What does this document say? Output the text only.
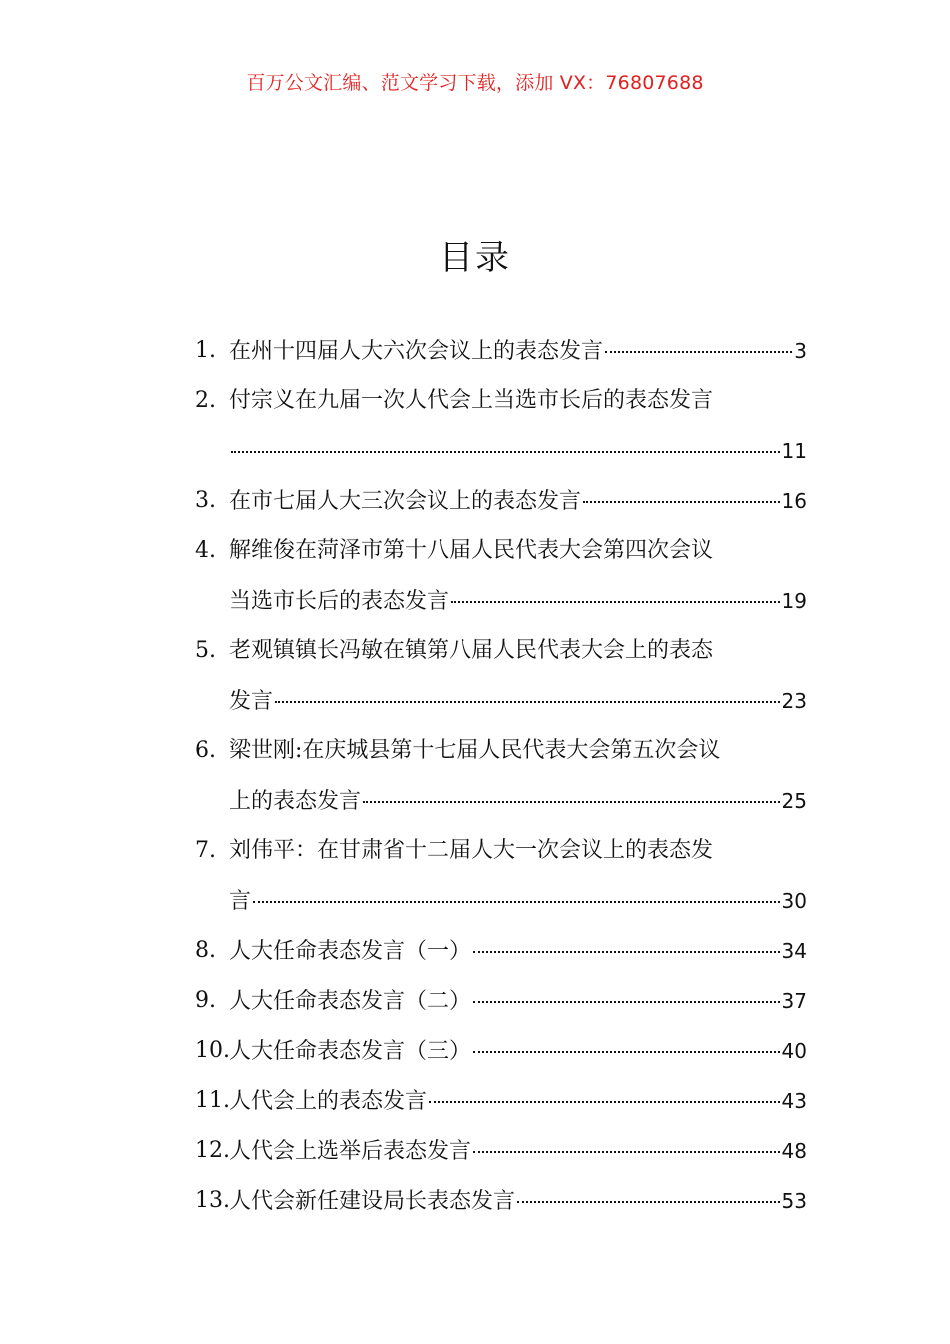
百万公文汇编、范文学习下载，添加 VX：76807688
目录
1. 在州十四届人大六次会议上的表态发言	3
2. 付宗义在九届一次人代会上当选市长后的表态发言
11
3. 在市七届人大三次会议上的表态发言	16
4. 解维俊在菏泽市第十八届人民代表大会第四次会议
当选市长后的表态发言	19
5. 老观镇镇长冯敏在镇第八届人民代表大会上的表态
发言	23
6. 梁世刚:在庆城县第十七届人民代表大会第五次会议
上的表态发言	25
7. 刘伟平：在甘肃省十二届人大一次会议上的表态发
言	30
8. 人大任命表态发言（一）	34
9. 人大任命表态发言（二）	37
10. 人大任命表态发言（三）	40
11. 人代会上的表态发言	43
12. 人代会上选举后表态发言	48
13. 人代会新任建设局长表态发言	53
